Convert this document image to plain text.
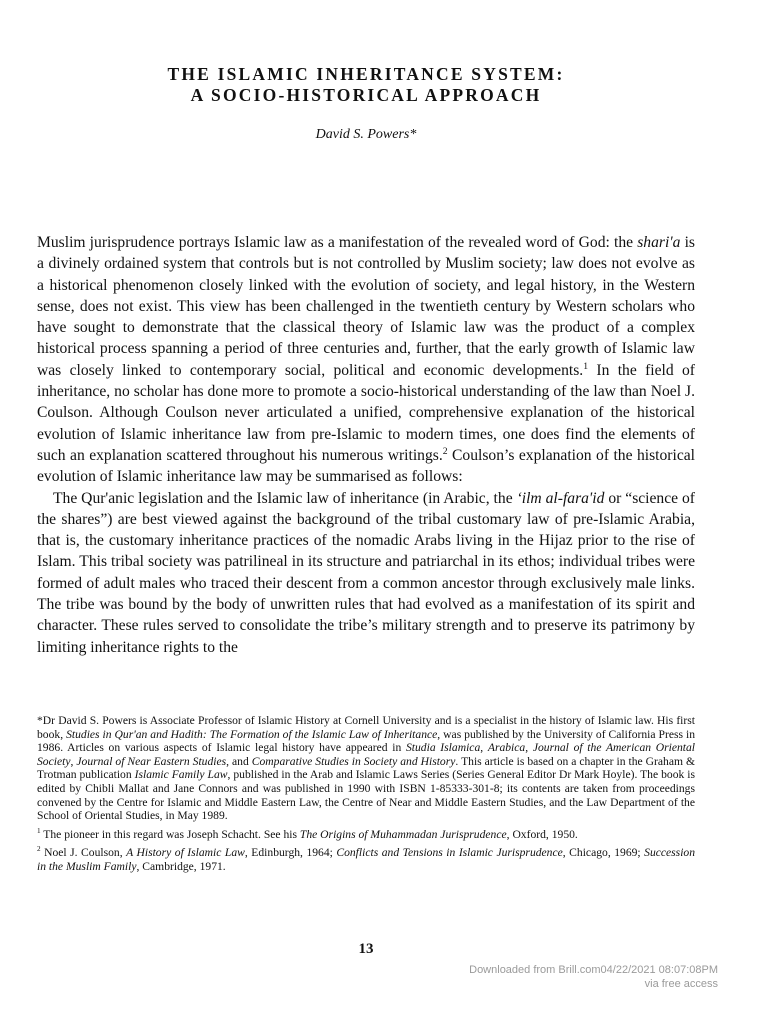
THE ISLAMIC INHERITANCE SYSTEM:
A SOCIO-HISTORICAL APPROACH
David S. Powers*

Muslim jurisprudence portrays Islamic law as a manifestation of the revealed word of God: the shari'a is a divinely ordained system that controls but is not controlled by Muslim society; law does not evolve as a historical phenomenon closely linked with the evolution of society, and legal history, in the Western sense, does not exist. This view has been challenged in the twentieth century by Western scholars who have sought to demonstrate that the classical theory of Islamic law was the product of a complex historical process spanning a period of three centuries and, further, that the early growth of Islamic law was closely linked to contemporary social, political and economic developments.$^1$ In the field of inheritance, no scholar has done more to promote a socio-historical understanding of the law than Noel J. Coulson. Although Coulson never articulated a unified, comprehensive explanation of the historical evolution of Islamic inheritance law from pre-Islamic to modern times, one does find the elements of such an explanation scattered throughout his numerous writings.$^2$ Coulson’s explanation of the historical evolution of Islamic inheritance law may be summarised as follows:

The Qur'anic legislation and the Islamic law of inheritance (in Arabic, the ‘ilm al-fara'id or “science of the shares”) are best viewed against the background of the tribal customary law of pre-Islamic Arabia, that is, the customary inheritance practices of the nomadic Arabs living in the Hijaz prior to the rise of Islam. This tribal society was patrilineal in its structure and patriarchal in its ethos; individual tribes were formed of adult males who traced their descent from a common ancestor through exclusively male links. The tribe was bound by the body of unwritten rules that had evolved as a manifestation of its spirit and character. These rules served to consolidate the tribe’s military strength and to preserve its patrimony by limiting inheritance rights to the

*Dr David S. Powers is Associate Professor of Islamic History at Cornell University and is a specialist in the history of Islamic law. His first book, Studies in Qur'an and Hadith: The Formation of the Islamic Law of Inheritance, was published by the University of California Press in 1986. Articles on various aspects of Islamic legal history have appeared in Studia Islamica, Arabica, Journal of the American Oriental Society, Journal of Near Eastern Studies, and Comparative Studies in Society and History. This article is based on a chapter in the Graham & Trotman publication Islamic Family Law, published in the Arab and Islamic Laws Series (Series General Editor Dr Mark Hoyle). The book is edited by Chibli Mallat and Jane Connors and was published in 1990 with ISBN 1-85333-301-8; its contents are taken from proceedings convened by the Centre for Islamic and Middle Eastern Law, the Centre of Near and Middle Eastern Studies, and the Law Department of the School of Oriental Studies, in May 1989.

$^1$ The pioneer in this regard was Joseph Schacht. See his The Origins of Muhammadan Jurisprudence, Oxford, 1950.

$^2$ Noel J. Coulson, A History of Islamic Law, Edinburgh, 1964; Conflicts and Tensions in Islamic Jurisprudence, Chicago, 1969; Succession in the Muslim Family, Cambridge, 1971.

13
Downloaded from Brill.com04/22/2021 08:07:08PM
via free access
